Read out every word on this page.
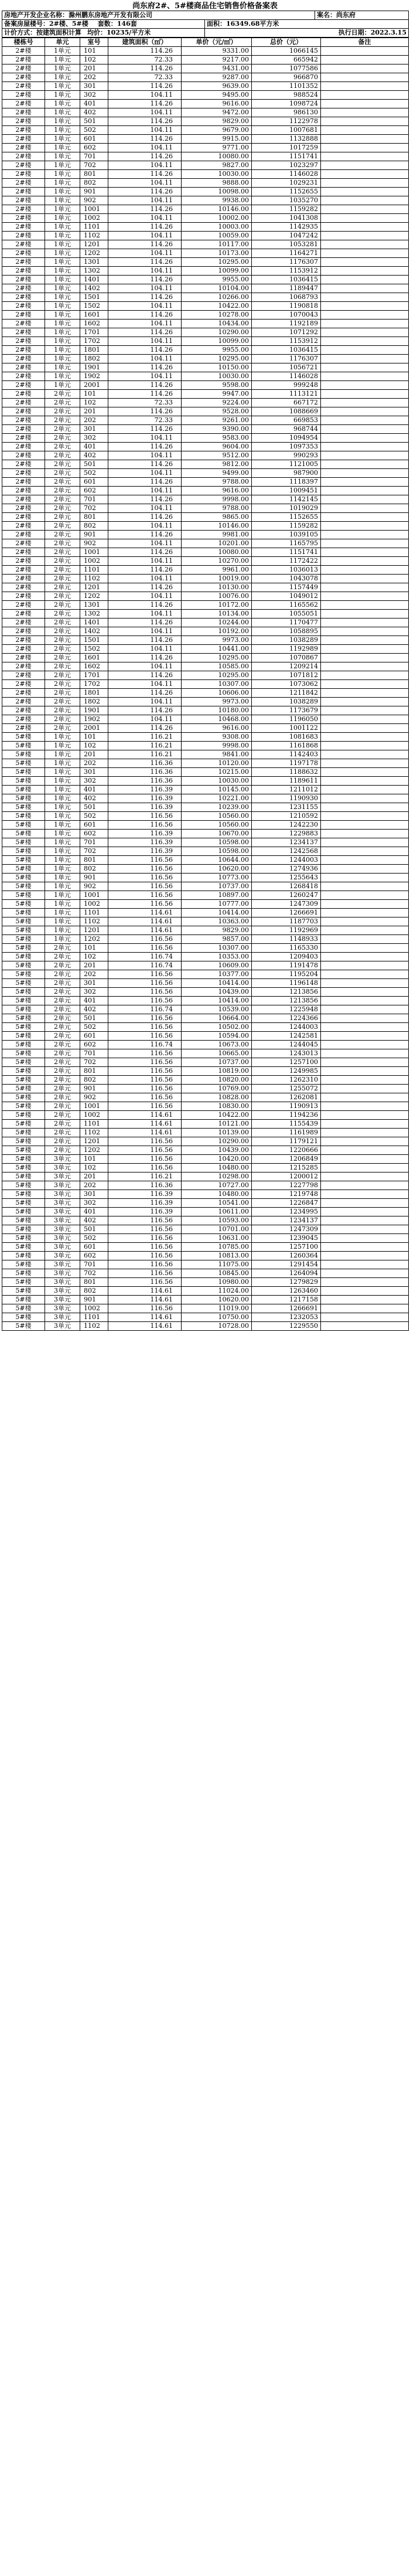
尚东府2#、5#楼商品住宅销售价格备案表
房地产开发企业名称：滁州鹏东房地产开发有限公司		案名：尚东府
备案房屋楼号：2#楼、5#楼 套数：146套	面积：16349.68平方米	
计价方式：按建筑面积计算 均价：10235/平方米	执行日期：2022.3.15	
楼栋号	单元	室号	建筑面积（㎡）	单价（元/㎡）	总价（元）	备注
2#楼	1单元	101	114.26	9331.00	1066145	
2#楼	1单元	102	72.33	9217.00	665942	
2#楼	1单元	201	114.26	9431.00	1077586	
2#楼	1单元	202	72.33	9287.00	966870	
2#楼	1单元	301	114.26	9639.00	1101352	
2#楼	1单元	302	104.11	9495.00	988524	
2#楼	1单元	401	114.26	9616.00	1098724	
2#楼	1单元	402	104.11	9472.00	986130	
2#楼	1单元	501	114.26	9829.00	1122978	
2#楼	1单元	502	104.11	9679.00	1007681	
2#楼	1单元	601	114.26	9915.00	1132888	
2#楼	1单元	602	104.11	9771.00	1017259	
2#楼	1单元	701	114.26	10080.00	1151741	
2#楼	1单元	702	104.11	9827.00	1023297	
2#楼	1单元	801	114.26	10030.00	1146028	
2#楼	1单元	802	104.11	9888.00	1029231	
2#楼	1单元	901	114.26	10098.00	1152655	
2#楼	1单元	902	104.11	9938.00	1035270	
2#楼	1单元	1001	114.26	10146.00	1159282	
2#楼	1单元	1002	104.11	10002.00	1041308	
2#楼	1单元	1101	114.26	10003.00	1142935	
2#楼	1单元	1102	104.11	10059.00	1047242	
2#楼	1单元	1201	114.26	10117.00	1053281	
2#楼	1单元	1202	104.11	10173.00	1164271	
2#楼	1单元	1301	114.26	10295.00	1176307	
2#楼	1单元	1302	104.11	10099.00	1153912	
2#楼	1单元	1401	114.26	9955.00	1036415	
2#楼	1单元	1402	104.11	10104.00	1189447	
2#楼	1单元	1501	114.26	10266.00	1068793	
2#楼	1单元	1502	104.11	10422.00	1190818	
2#楼	1单元	1601	114.26	10278.00	1070043	
2#楼	1单元	1602	104.11	10434.00	1192189	
2#楼	1单元	1701	114.26	10290.00	1071292	
2#楼	1单元	1702	104.11	10099.00	1153912	
2#楼	1单元	1801	114.26	9955.00	1036415	
2#楼	1单元	1802	104.11	10295.00	1176307	
2#楼	1单元	1901	114.26	10150.00	1056721	
2#楼	1单元	1902	104.11	10030.00	1146028	
2#楼	1单元	2001	114.26	9598.00	999248	
2#楼	2单元	101	114.26	9947.00	1113121	
2#楼	2单元	102	72.33	9224.00	667172	
2#楼	2单元	201	114.26	9528.00	1088669	
2#楼	2单元	202	72.33	9261.00	669853	
2#楼	2单元	301	114.26	9390.00	968744	
2#楼	2单元	302	104.11	9583.00	1094954	
2#楼	2单元	401	114.26	9604.00	1097353	
2#楼	2单元	402	104.11	9512.00	990293	
2#楼	2单元	501	114.26	9812.00	1121005	
2#楼	2单元	502	104.11	9499.00	987900	
2#楼	2单元	601	114.26	9788.00	1118397	
2#楼	2单元	602	104.11	9616.00	1009451	
2#楼	2单元	701	114.26	9998.00	1142145	
2#楼	2单元	702	104.11	9788.00	1019029	
2#楼	2单元	801	114.26	9865.00	1152655	
2#楼	2单元	802	104.11	10146.00	1159282	
2#楼	2单元	901	114.26	9981.00	1039105	
2#楼	2单元	902	104.11	10201.00	1165795	
2#楼	2单元	1001	114.26	10080.00	1151741	
2#楼	2单元	1002	104.11	10270.00	1172422	
2#楼	2单元	1101	114.26	9961.00	1036013	
2#楼	2单元	1102	104.11	10019.00	1043078	
2#楼	2单元	1201	114.26	10130.00	1157449	
2#楼	2单元	1202	104.11	10076.00	1049012	
2#楼	2单元	1301	114.26	10172.00	1165562	
2#楼	2单元	1302	104.11	10134.00	1055051	
2#楼	2单元	1401	114.26	10244.00	1170477	
2#楼	2单元	1402	104.11	10192.00	1058895	
2#楼	2单元	1501	114.26	9973.00	1038289	
2#楼	2单元	1502	104.11	10441.00	1192989	
2#楼	2单元	1601	114.26	10295.00	1070867	
2#楼	2单元	1602	104.11	10585.00	1209214	
2#楼	2单元	1701	114.26	10295.00	1071812	
2#楼	2单元	1702	104.11	10307.00	1073062	
2#楼	2单元	1801	114.26	10606.00	1211842	
2#楼	2单元	1802	104.11	9973.00	1038289	
2#楼	2单元	1901	114.26	10180.00	1173679	
2#楼	2单元	1902	104.11	10468.00	1196050	
2#楼	2单元	2001	114.26	9616.00	1001122	
5#楼	1单元	101	116.21	9308.00	1081683	
5#楼	1单元	102	116.21	9998.00	1161868	
5#楼	1单元	201	116.21	9841.00	1142403	
5#楼	1单元	202	116.36	10120.00	1197178	
5#楼	1单元	301	116.36	10215.00	1188632	
5#楼	1单元	302	116.36	10030.00	1189611	
5#楼	1单元	401	116.39	10145.00	1211012	
5#楼	1单元	402	116.39	10221.00	1190930	
5#楼	1单元	501	116.39	10239.00	1231155	
5#楼	1单元	502	116.56	10560.00	1210592	
5#楼	1单元	601	116.56	10560.00	1242230	
5#楼	1单元	602	116.39	10670.00	1229883	
5#楼	1单元	701	116.39	10598.00	1234137	
5#楼	1单元	702	116.39	10598.00	1242568	
5#楼	1单元	801	116.56	10644.00	1244003	
5#楼	1单元	802	116.56	10620.00	1274936	
5#楼	1单元	901	116.56	10773.00	1255643	
5#楼	1单元	902	116.56	10737.00	1268418	
5#楼	1单元	1001	116.56	10897.00	1260247	
5#楼	1单元	1002	116.56	10777.00	1247309	
5#楼	1单元	1101	114.61	10414.00	1266691	
5#楼	1单元	1102	114.61	10363.00	1187703	
5#楼	1单元	1201	114.61	9829.00	1192969	
5#楼	1单元	1202	116.56	9857.00	1148933	
5#楼	2单元	101	116.56	10307.00	1165330	
5#楼	2单元	102	116.74	10353.00	1209403	
5#楼	2单元	201	116.74	10609.00	1191478	
5#楼	2单元	202	116.56	10377.00	1195204	
5#楼	2单元	301	116.56	10414.00	1196148	
5#楼	2单元	302	116.56	10439.00	1213856	
5#楼	2单元	401	116.56	10414.00	1213856	
5#楼	2单元	402	116.74	10539.00	1225948	
5#楼	2单元	501	116.56	10664.00	1224366	
5#楼	2单元	502	116.56	10502.00	1244003	
5#楼	2单元	601	116.56	10594.00	1242581	
5#楼	2单元	602	116.74	10673.00	1244045	
5#楼	2单元	701	116.56	10665.00	1243013	
5#楼	2单元	702	116.56	10737.00	1257100	
5#楼	2单元	801	116.56	10819.00	1249985	
5#楼	2单元	802	116.56	10820.00	1262310	
5#楼	2单元	901	116.56	10769.00	1255072	
5#楼	2单元	902	116.56	10828.00	1262081	
5#楼	2单元	1001	116.56	10830.00	1190913	
5#楼	2单元	1002	114.61	10422.00	1194236	
5#楼	2单元	1101	114.61	10121.00	1155439	
5#楼	2单元	1102	114.61	10139.00	1161989	
5#楼	2单元	1201	116.56	10290.00	1179121	
5#楼	2单元	1202	116.56	10439.00	1220666	
5#楼	3单元	101	116.56	10420.00	1206849	
5#楼	3单元	102	116.56	10480.00	1215285	
5#楼	3单元	201	116.21	10298.00	1200012	
5#楼	3单元	202	116.36	10727.00	1227798	
5#楼	3单元	301	116.39	10480.00	1219748	
5#楼	3单元	302	116.39	10541.00	1226847	
5#楼	3单元	401	116.39	10611.00	1234995	
5#楼	3单元	402	116.56	10593.00	1234137	
5#楼	3单元	501	116.56	10701.00	1247309	
5#楼	3单元	502	116.56	10631.00	1239045	
5#楼	3单元	601	116.56	10785.00	1257100	
5#楼	3单元	602	116.56	10813.00	1260364	
5#楼	3单元	701	116.56	11075.00	1291454	
5#楼	3单元	702	116.56	10845.00	1264094	
5#楼	3单元	801	116.56	10980.00	1279829	
5#楼	3单元	802	114.61	11024.00	1263460	
5#楼	3单元	901	114.61	10620.00	1217158	
5#楼	3单元	1002	116.56	11019.00	1266691	
5#楼	3单元	1101	114.61	10750.00	1232053	
5#楼	3单元	1102	114.61	10728.00	1229550	
